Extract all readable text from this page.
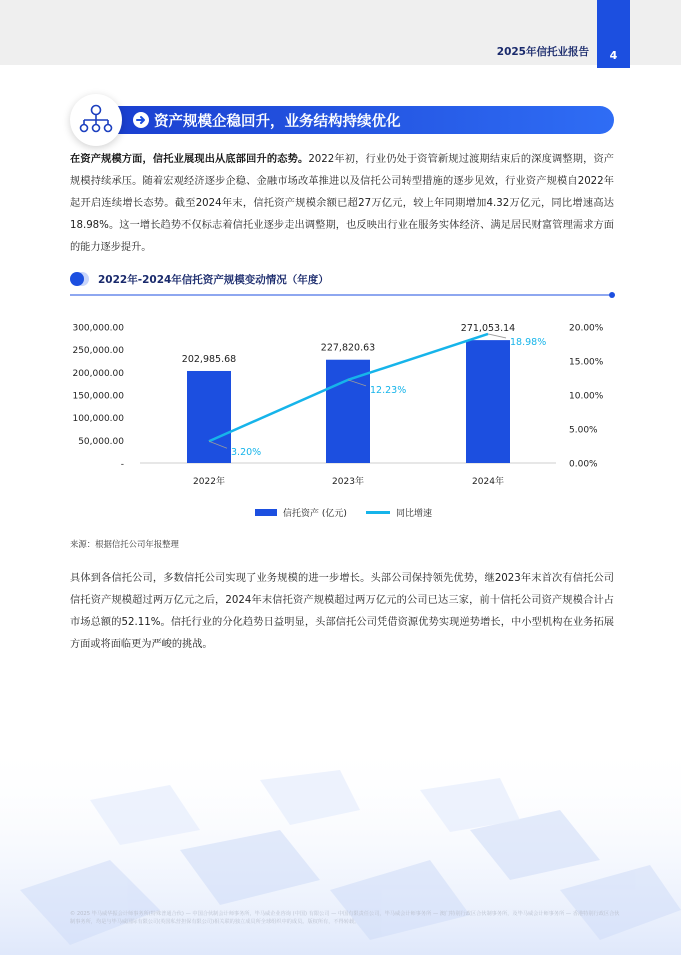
2025年信托业报告	4
资产规模企稳回升，业务结构持续优化
在资产规模方面，信托业展现出从底部回升的态势。2022年初，行业仍处于资管新规过渡期结束后的深度调整期，资产规模持续承压。随着宏观经济逐步企稳、金融市场改革推进以及信托公司转型措施的逐步见效，行业资产规模自2022年起开启连续增长态势。截至2024年末，信托资产规模余额已超27万亿元，较上年同期增加4.32万亿元，同比增速高达18.98%。这一增长趋势不仅标志着信托业逐步走出调整期，也反映出行业在服务实体经济、满足居民财富管理需求方面的能力逐步提升。
2022年-2024年信托资产规模变动情况（年度）
-
50,000.00
100,000.00
150,000.00
200,000.00
250,000.00
300,000.00
0.00%
5.00%
10.00%
15.00%
20.00%
202,985.68
227,820.63
271,053.14
2022年	2023年	2024年
3.20%
12.23%
18.98%
信托资产 (亿元)	同比增速
来源：根据信托公司年报整理
具体到各信托公司，多数信托公司实现了业务规模的进一步增长。头部公司保持领先优势，继2023年末首次有信托公司信托资产规模超过两万亿元之后，2024年末信托资产规模超过两万亿元的公司已达三家，前十信托公司资产规模合计占市场总额的52.11%。信托行业的分化趋势日益明显，头部信托公司凭借资源优势实现逆势增长，中小型机构在业务拓展方面或将面临更为严峻的挑战。
© 2025 毕马威华振会计师事务所(特殊普通合伙) — 中国合伙制会计师事务所，毕马威企业咨询 (中国) 有限公司 — 中国有限责任公司，毕马威会计师事务所 — 澳门特别行政区合伙制事务所，及毕马威会计师事务所 — 香港特别行政区合伙制事务所，均是与毕马威国际有限公司(英国私营担保有限公司)相关联的独立成员所全球组织中的成员。版权所有，不得转载。
